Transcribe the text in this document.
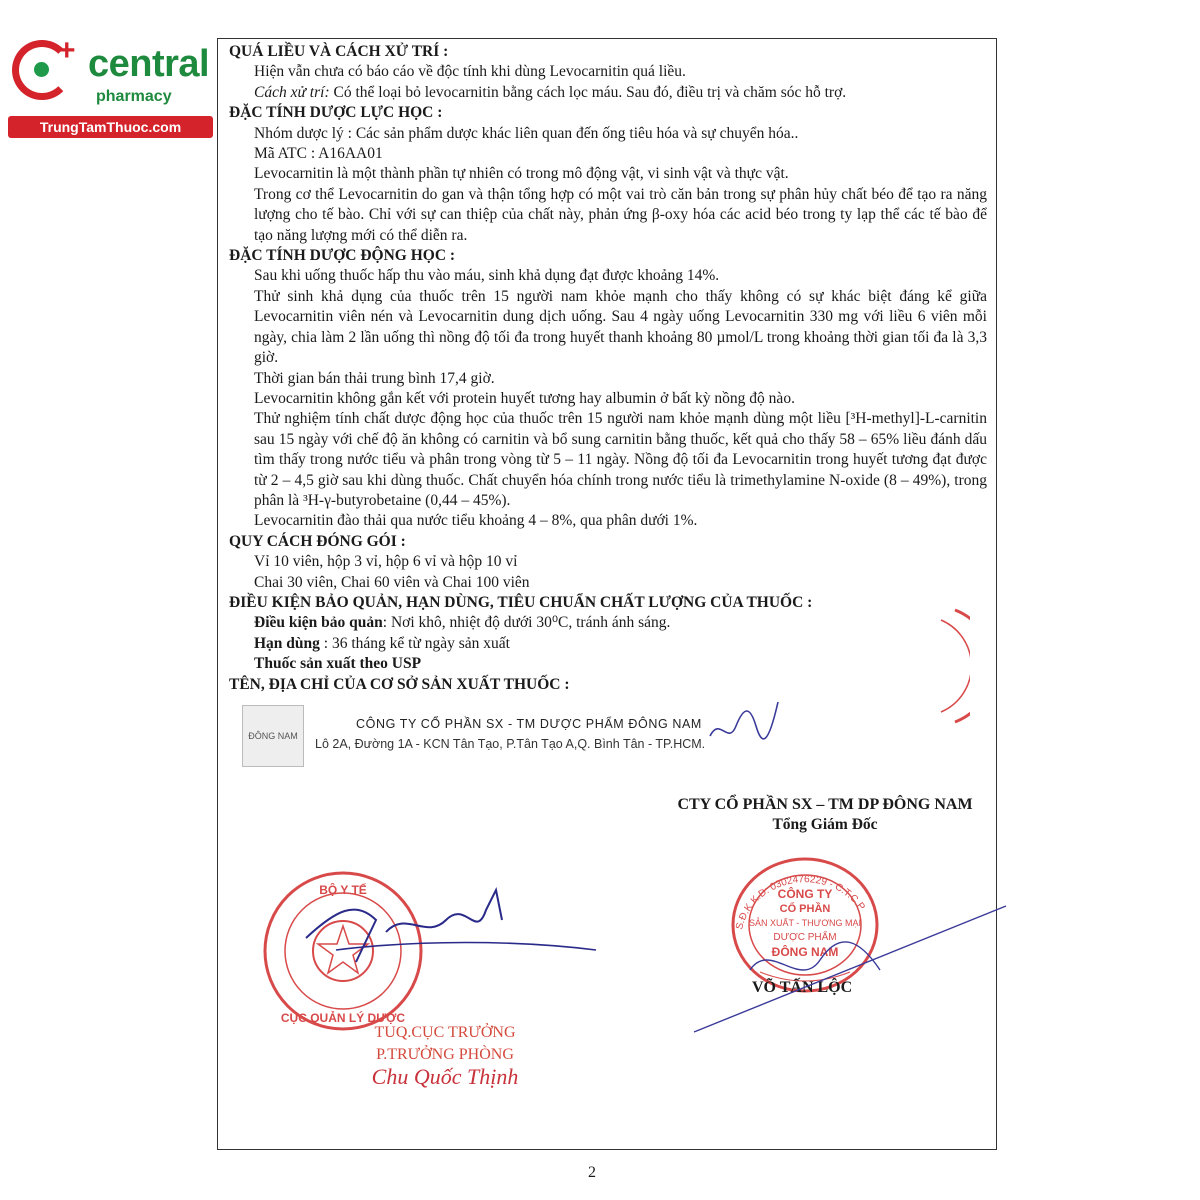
+ central
pharmacy
TrungTamThuoc.com
QUÁ LIỀU VÀ CÁCH XỬ TRÍ :
Hiện vẫn chưa có báo cáo về độc tính khi dùng Levocarnitin quá liều.
Cách xử trí: Có thể loại bỏ levocarnitin bằng cách lọc máu. Sau đó, điều trị và chăm sóc hỗ trợ.
ĐẶC TÍNH DƯỢC LỰC HỌC :
Nhóm dược lý : Các sản phẩm dược khác liên quan đến ống tiêu hóa và sự chuyển hóa..
Mã ATC : A16AA01
Levocarnitin là một thành phần tự nhiên có trong mô động vật, vi sinh vật và thực vật.
Trong cơ thể Levocarnitin do gan và thận tổng hợp có một vai trò căn bản trong sự phân hủy chất béo để tạo ra năng lượng cho tế bào. Chỉ với sự can thiệp của chất này, phản ứng β-oxy hóa các acid béo trong ty lạp thể các tế bào để tạo năng lượng mới có thể diễn ra.
ĐẶC TÍNH DƯỢC ĐỘNG HỌC :
Sau khi uống thuốc hấp thu vào máu, sinh khả dụng đạt được khoảng 14%.
Thử sinh khả dụng của thuốc trên 15 người nam khỏe mạnh cho thấy không có sự khác biệt đáng kể giữa Levocarnitin viên nén và Levocarnitin dung dịch uống. Sau 4 ngày uống Levocarnitin 330 mg với liều 6 viên mỗi ngày, chia làm 2 lần uống thì nồng độ tối đa trong huyết thanh khoảng 80 µmol/L trong khoảng thời gian tối đa là 3,3 giờ.
Thời gian bán thải trung bình 17,4 giờ.
Levocarnitin không gắn kết với protein huyết tương hay albumin ở bất kỳ nồng độ nào.
Thử nghiệm tính chất dược động học của thuốc trên 15 người nam khỏe mạnh dùng một liều [³H-methyl]-L-carnitin sau 15 ngày với chế độ ăn không có carnitin và bổ sung carnitin bằng thuốc, kết quả cho thấy 58 – 65% liều đánh dấu tìm thấy trong nước tiểu và phân trong vòng từ 5 – 11 ngày. Nồng độ tối đa Levocarnitin trong huyết tương đạt được từ 2 – 4,5 giờ sau khi dùng thuốc. Chất chuyển hóa chính trong nước tiểu là trimethylamine N-oxide (8 – 49%), trong phân là ³H-γ-butyrobetaine (0,44 – 45%).
Levocarnitin đào thải qua nước tiểu khoảng 4 – 8%, qua phân dưới 1%.
QUY CÁCH ĐÓNG GÓI :
Vỉ 10 viên, hộp 3 vỉ, hộp 6 vỉ và hộp 10 vỉ
Chai 30 viên, Chai 60 viên và Chai 100 viên
ĐIỀU KIỆN BẢO QUẢN, HẠN DÙNG, TIÊU CHUẨN CHẤT LƯỢNG CỦA THUỐC :
Điều kiện bảo quản: Nơi khô, nhiệt độ dưới 30⁰C, tránh ánh sáng.
Hạn dùng : 36 tháng kể từ ngày sản xuất
Thuốc sản xuất theo USP
TÊN, ĐỊA CHỈ CỦA CƠ SỞ SẢN XUẤT THUỐC :
ĐÔNG NAM
CÔNG TY CỔ PHẦN SX - TM DƯỢC PHẨM ĐÔNG NAM
Lô 2A, Đường 1A - KCN Tân Tạo, P.Tân Tạo A,Q. Bình Tân - TP.HCM.
CTY CỔ PHẦN SX – TM DP ĐÔNG NAM
Tổng Giám Đốc
S.Đ.K.K.D: 0302476229 - C.T.C.P
CÔNG TY
CỔ PHẦN
SẢN XUẤT - THƯƠNG MẠI
DƯỢC PHẨM
ĐÔNG NAM
VÕ TẤN LỘC
BỘ Y TẾ
CỤC QUẢN LÝ DƯỢC
TUQ.CỤC TRƯỞNG
P.TRƯỞNG PHÒNG
Chu Quốc Thịnh
2
